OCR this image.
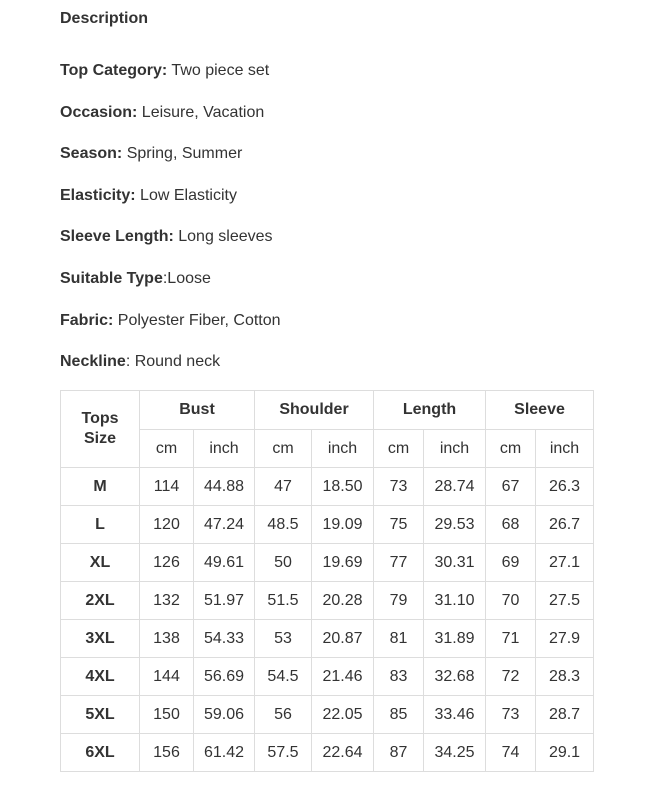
Description
Top Category: Two piece set
Occasion: Leisure, Vacation
Season: Spring, Summer
Elasticity: Low Elasticity
Sleeve Length: Long sleeves
Suitable Type:Loose
Fabric: Polyester Fiber, Cotton
Neckline: Round neck
Tops
Size	Bust		Shoulder		Length		Sleeve	
	cm	inch	cm	inch	cm	inch	cm	inch
M	114	44.88	47	18.50	73	28.74	67	26.3
L	120	47.24	48.5	19.09	75	29.53	68	26.7
XL	126	49.61	50	19.69	77	30.31	69	27.1
2XL	132	51.97	51.5	20.28	79	31.10	70	27.5
3XL	138	54.33	53	20.87	81	31.89	71	27.9
4XL	144	56.69	54.5	21.46	83	32.68	72	28.3
5XL	150	59.06	56	22.05	85	33.46	73	28.7
6XL	156	61.42	57.5	22.64	87	34.25	74	29.1
